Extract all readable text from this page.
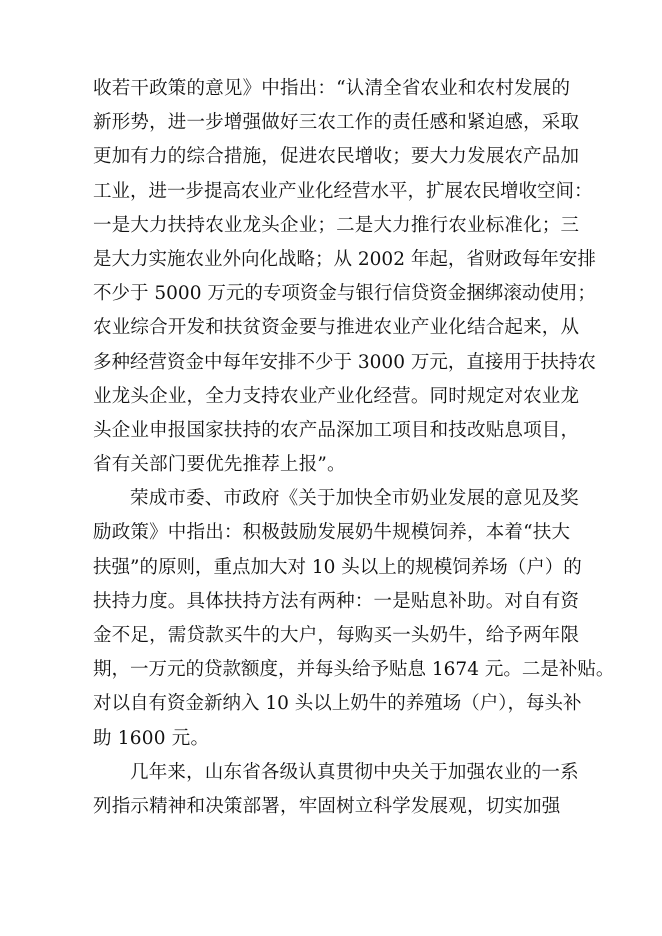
收若干政策的意见》中指出：“认清全省农业和农村发展的
新形势，进一步增强做好三农工作的责任感和紧迫感，采取
更加有力的综合措施，促进农民增收；要大力发展农产品加
工业，进一步提高农业产业化经营水平，扩展农民增收空间：
一是大力扶持农业龙头企业；二是大力推行农业标准化；三
是大力实施农业外向化战略；从 2002 年起，省财政每年安排
不少于 5000 万元的专项资金与银行信贷资金捆绑滚动使用；
农业综合开发和扶贫资金要与推进农业产业化结合起来，从
多种经营资金中每年安排不少于 3000 万元，直接用于扶持农
业龙头企业，全力支持农业产业化经营。同时规定对农业龙
头企业申报国家扶持的农产品深加工项目和技改贴息项目，
省有关部门要优先推荐上报”。
荣成市委、市政府《关于加快全市奶业发展的意见及奖
励政策》中指出：积极鼓励发展奶牛规模饲养，本着“扶大
扶强”的原则，重点加大对 10 头以上的规模饲养场（户）的
扶持力度。具体扶持方法有两种：一是贴息补助。对自有资
金不足，需贷款买牛的大户，每购买一头奶牛，给予两年限
期，一万元的贷款额度，并每头给予贴息 1674 元。二是补贴。
对以自有资金新纳入 10 头以上奶牛的养殖场（户），每头补
助 1600 元。
几年来，山东省各级认真贯彻中央关于加强农业的一系
列指示精神和决策部署，牢固树立科学发展观，切实加强
